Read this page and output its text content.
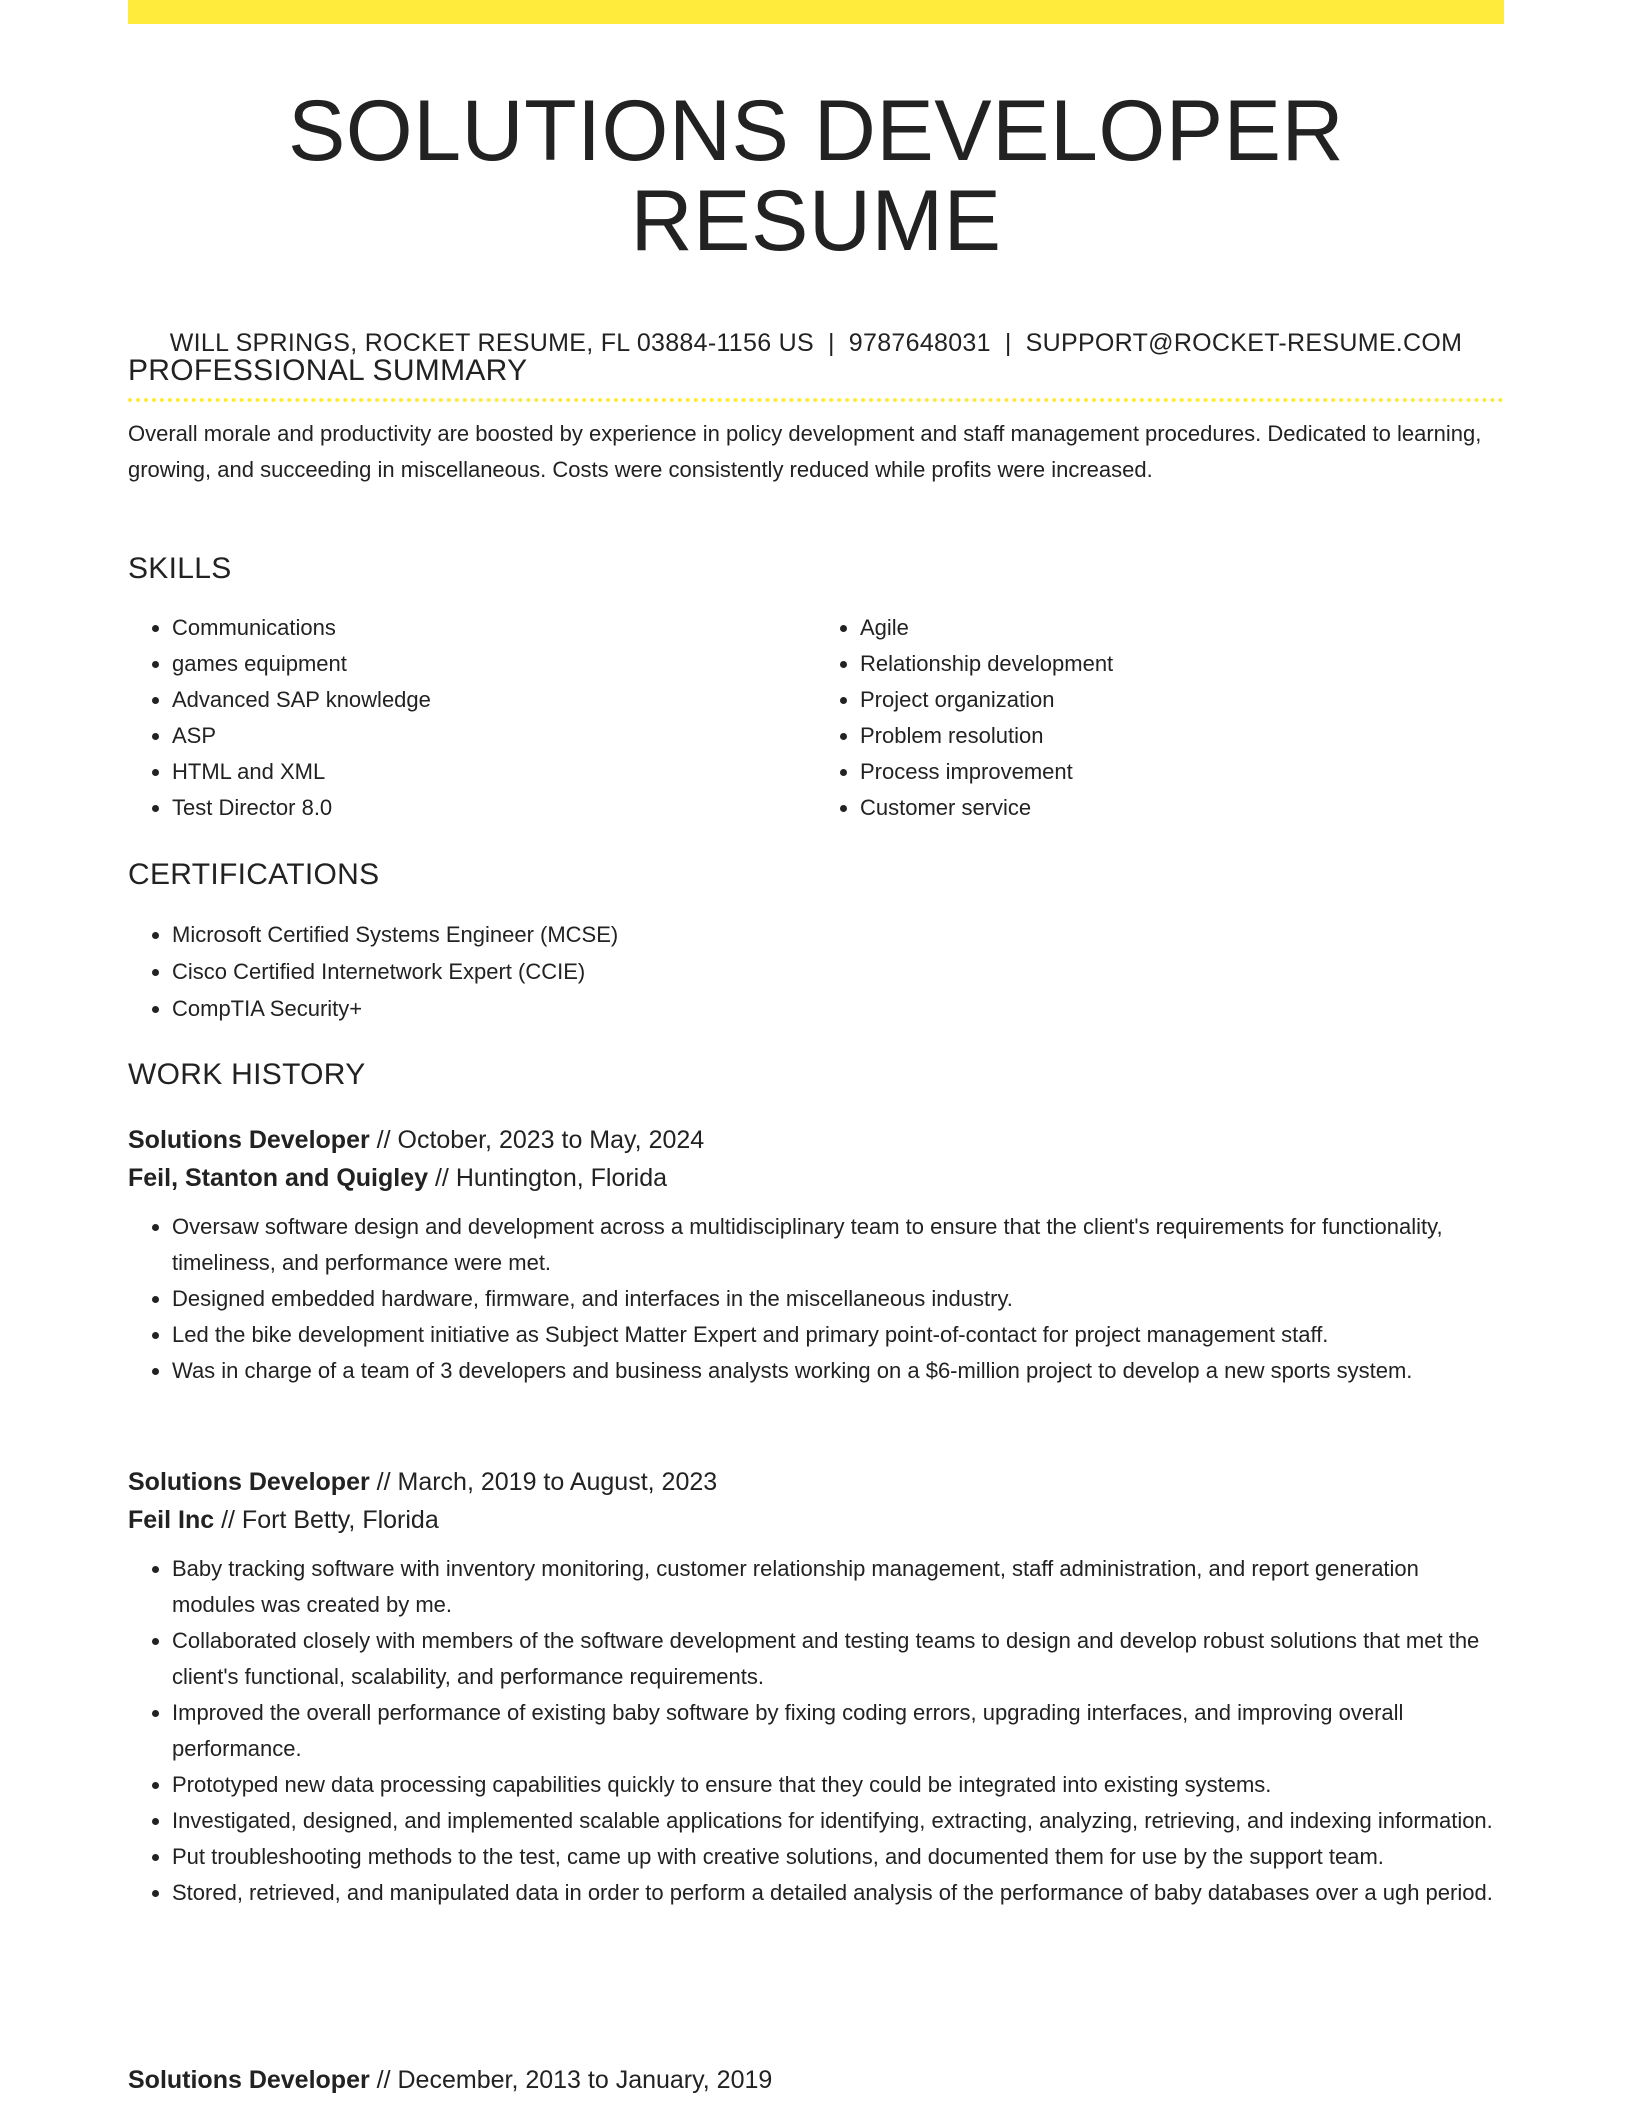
SOLUTIONS DEVELOPER RESUME
WILL SPRINGS, ROCKET RESUME, FL 03884-1156 US | 9787648031 | SUPPORT@ROCKET-RESUME.COM
PROFESSIONAL SUMMARY

Overall morale and productivity are boosted by experience in policy development and staff management procedures. Dedicated to learning, growing, and succeeding in miscellaneous. Costs were consistently reduced while profits were increased.

SKILLS
• Communications
• games equipment
• Advanced SAP knowledge
• ASP
• HTML and XML
• Test Director 8.0
• Agile
• Relationship development
• Project organization
• Problem resolution
• Process improvement
• Customer service
CERTIFICATIONS
• Microsoft Certified Systems Engineer (MCSE)
• Cisco Certified Internetwork Expert (CCIE)
• CompTIA Security+
WORK HISTORY
Solutions Developer // October, 2023 to May, 2024
Feil, Stanton and Quigley // Huntington, Florida
• Oversaw software design and development across a multidisciplinary team to ensure that the client's requirements for functionality, timeliness, and performance were met.
• Designed embedded hardware, firmware, and interfaces in the miscellaneous industry.
• Led the bike development initiative as Subject Matter Expert and primary point-of-contact for project management staff.
• Was in charge of a team of 3 developers and business analysts working on a $6-million project to develop a new sports system.
Solutions Developer // March, 2019 to August, 2023
Feil Inc // Fort Betty, Florida
• Baby tracking software with inventory monitoring, customer relationship management, staff administration, and report generation modules was created by me.
• Collaborated closely with members of the software development and testing teams to design and develop robust solutions that met the client's functional, scalability, and performance requirements.
• Improved the overall performance of existing baby software by fixing coding errors, upgrading interfaces, and improving overall performance.
• Prototyped new data processing capabilities quickly to ensure that they could be integrated into existing systems.
• Investigated, designed, and implemented scalable applications for identifying, extracting, analyzing, retrieving, and indexing information.
• Put troubleshooting methods to the test, came up with creative solutions, and documented them for use by the support team.
• Stored, retrieved, and manipulated data in order to perform a detailed analysis of the performance of baby databases over a ugh period.
Solutions Developer // December, 2013 to January, 2019
